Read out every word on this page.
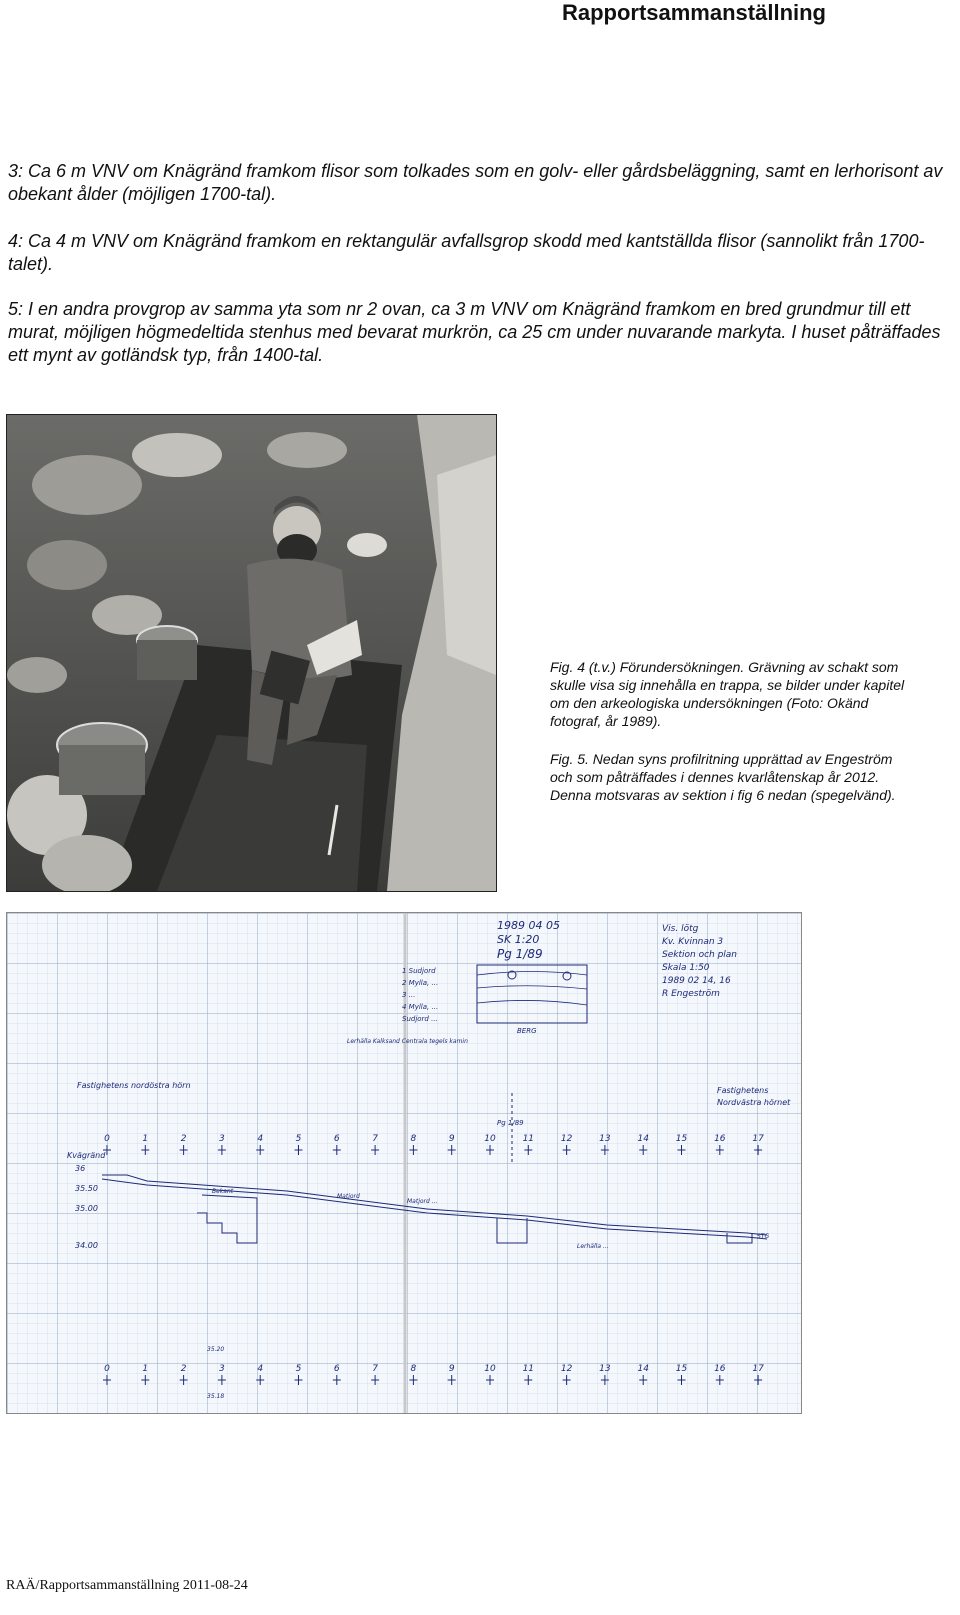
Rapportsammanställning
3: Ca 6 m VNV om Knägränd framkom flisor som tolkades som en golv- eller gårdsbeläggning, samt en lerhorisont av obekant ålder (möjligen 1700-tal).
4: Ca 4 m VNV om Knägränd framkom en rektangulär avfallsgrop skodd med kantställda flisor (sannolikt från 1700-talet).
5: I en andra provgrop av samma yta som nr 2 ovan, ca 3 m VNV om Knägränd framkom en bred grundmur till ett murat, möjligen högmedeltida stenhus med bevarat murkrön, ca 25 cm under nuvarande markyta. I huset påträffades ett mynt av gotländsk typ, från 1400-tal.
Fig. 4 (t.v.) Förundersökningen. Grävning av schakt som skulle visa sig innehålla en trappa, se bilder under kapitel om den arkeologiska undersökningen (Foto: Okänd fotograf, år 1989).
Fig. 5. Nedan syns profilritning upprättad av Engeström och som påträffades i dennes kvarlåtenskap år 2012. Denna motsvaras av sektion i fig 6 nedan (spegelvänd).
1989 04 05
SK 1:20
Pg 1/89
Vis. lötg
Kv. Kvinnan 3
Sektion och plan
Skala 1:50
1989 02 14, 16
R Engeström
1 Sudjord
2 Mylla, ...
3 ...
4 Mylla, ...
Sudjord ...
Lerhälla Kalksand Centrala tegels kamin
BERG
Fastighetens nordöstra hörn
Fastighetens
Nordvästra hörnet
Pg 1/89
0	1	2	3	4	5	6	7	8	9	10	11	12	13	14	15	16	17
0	1	2	3	4	5	6	7	8	9	10	11	12	13	14	15	16	17
Kvägränd
36
35.50
35.00
34.00
Bekant
Matjord
Matjord ...
Lerhälla ...
STG
35.20
35.18
RAÄ/Rapportsammanställning 2011-08-24
